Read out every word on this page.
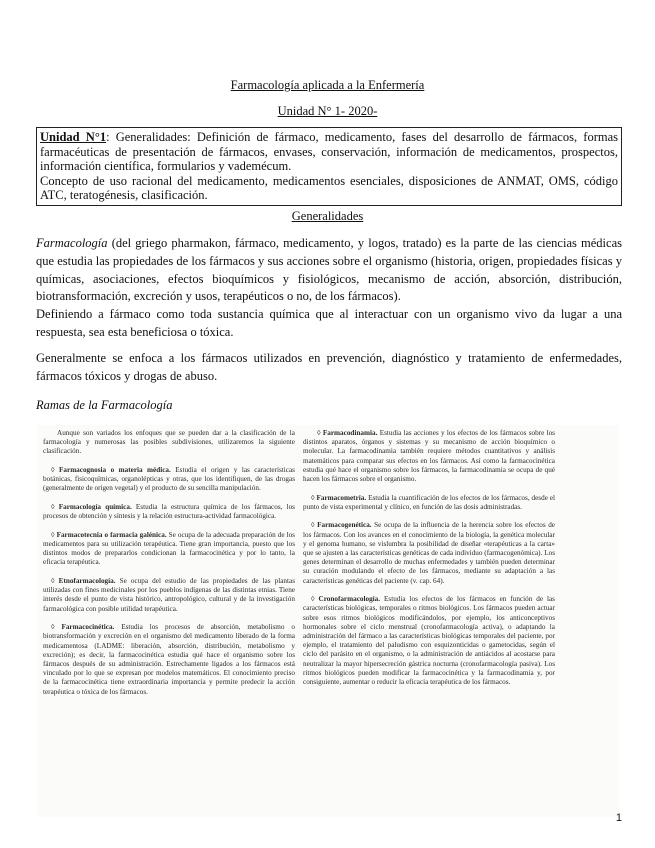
Farmacología aplicada a la Enfermería
Unidad N° 1- 2020-

Unidad N°1: Generalidades: Definición de fármaco, medicamento, fases del desarrollo de fármacos, formas farmacéuticas de presentación de fármacos, envases, conservación, información de medicamentos, prospectos, información científica, formularios y vademécum.

Concepto de uso racional del medicamento, medicamentos esenciales, disposiciones de ANMAT, OMS, código ATC, teratogénesis, clasificación.

Generalidades

Farmacología (del griego pharmakon, fármaco, medicamento, y logos, tratado) es la parte de las ciencias médicas que estudia las propiedades de los fármacos y sus acciones sobre el organismo (historia, origen, propiedades físicas y químicas, asociaciones, efectos bioquímicos y fisiológicos, mecanismo de acción, absorción, distribución, biotransformación, excreción y usos, terapéuticos o no, de los fármacos).

Definiendo a fármaco como toda sustancia química que al interactuar con un organismo vivo da lugar a una respuesta, sea esta beneficiosa o tóxica.

Generalmente se enfoca a los fármacos utilizados en prevención, diagnóstico y tratamiento de enfermedades, fármacos tóxicos y drogas de abuso.

Ramas de la Farmacología

Aunque son variados los enfoques que se pueden dar a la clasificación de la farmacología y numerosas las posibles subdivisiones, utilizaremos la siguiente clasificación.

◊ Farmacognosia o materia médica. Estudia el origen y las características botánicas, fisicoquímicas, organolépticas y otras, que los identifiquen, de las drogas (generalmente de origen vegetal) y el producto de su sencilla manipulación.

◊ Farmacología química. Estudia la estructura química de los fármacos, los procesos de obtención y síntesis y la relación estructura-actividad farmacológica.

◊ Farmacotecnia o farmacia galénica. Se ocupa de la adecuada preparación de los medicamentos para su utilización terapéutica. Tiene gran importancia, puesto que los distintos modos de prepararlos condicionan la farmacocinética y por lo tanto, la eficacia terapéutica.

◊ Etnofarmacología. Se ocupa del estudio de las propiedades de las plantas utilizadas con fines medicinales por los pueblos indígenas de las distintas etnias. Tiene interés desde el punto de vista histórico, antropológico, cultural y de la investigación farmacológica con posible utilidad terapéutica.

◊ Farmacocinética. Estudia los procesos de absorción, metabolismo o biotransformación y excreción en el organismo del medicamento liberado de la forma medicamentosa (LADME: liberación, absorción, distribución, metabolismo y excreción); es decir, la farmacocinética estudia qué hace el organismo sobre los fármacos después de su administración. Estrechamente ligados a los fármacos está vinculado por lo que se expresan por modelos matemáticos. El conocimiento preciso de la farmacocinética tiene extraordinaria importancia y permite predecir la acción terapéutica o tóxica de los fármacos.

◊ Farmacodinamia. Estudia las acciones y los efectos de los fármacos sobre los distintos aparatos, órganos y sistemas y su mecanismo de acción bioquímico o molecular. La farmacodinamia también requiere métodos cuantitativos y análisis matemáticos para comparar sus efectos en los fármacos. Así como la farmacocinética estudia qué hace el organismo sobre los fármacos, la farmacodinamia se ocupa de qué hacen los fármacos sobre el organismo.

◊ Farmacometría. Estudia la cuantificación de los efectos de los fármacos, desde el punto de vista experimental y clínico, en función de las dosis administradas.

◊ Farmacogenética. Se ocupa de la influencia de la herencia sobre los efectos de los fármacos. Con los avances en el conocimiento de la biología, la genética molecular y el genoma humano, se vislumbra la posibilidad de diseñar «terapéuticas a la carta» que se ajusten a las características genéticas de cada individuo (farmacogenómica). Los genes determinan el desarrollo de muchas enfermedades y también pueden determinar su curación modulando el efecto de los fármacos, mediante su adaptación a las características genéticas del paciente (v. cap. 64).

◊ Cronofarmacología. Estudia los efectos de los fármacos en función de las características biológicas, temporales o ritmos biológicos. Los fármacos pueden actuar sobre esos ritmos biológicos modificándolos, por ejemplo, los anticonceptivos hormonales sobre el ciclo menstrual (cronofarmacología activa), o adaptando la administración del fármaco a las características biológicas temporales del paciente, por ejemplo, el tratamiento del paludismo con esquizonticidas o gametocidas, según el ciclo del parásito en el organismo, o la administración de antiácidos al acostarse para neutralizar la mayor hipersecreción gástrica nocturna (cronofarmacología pasiva). Los ritmos biológicos pueden modificar la farmacocinética y la farmacodinamia y, por consiguiente, aumentar o reducir la eficacia terapéutica de los fármacos.

1
